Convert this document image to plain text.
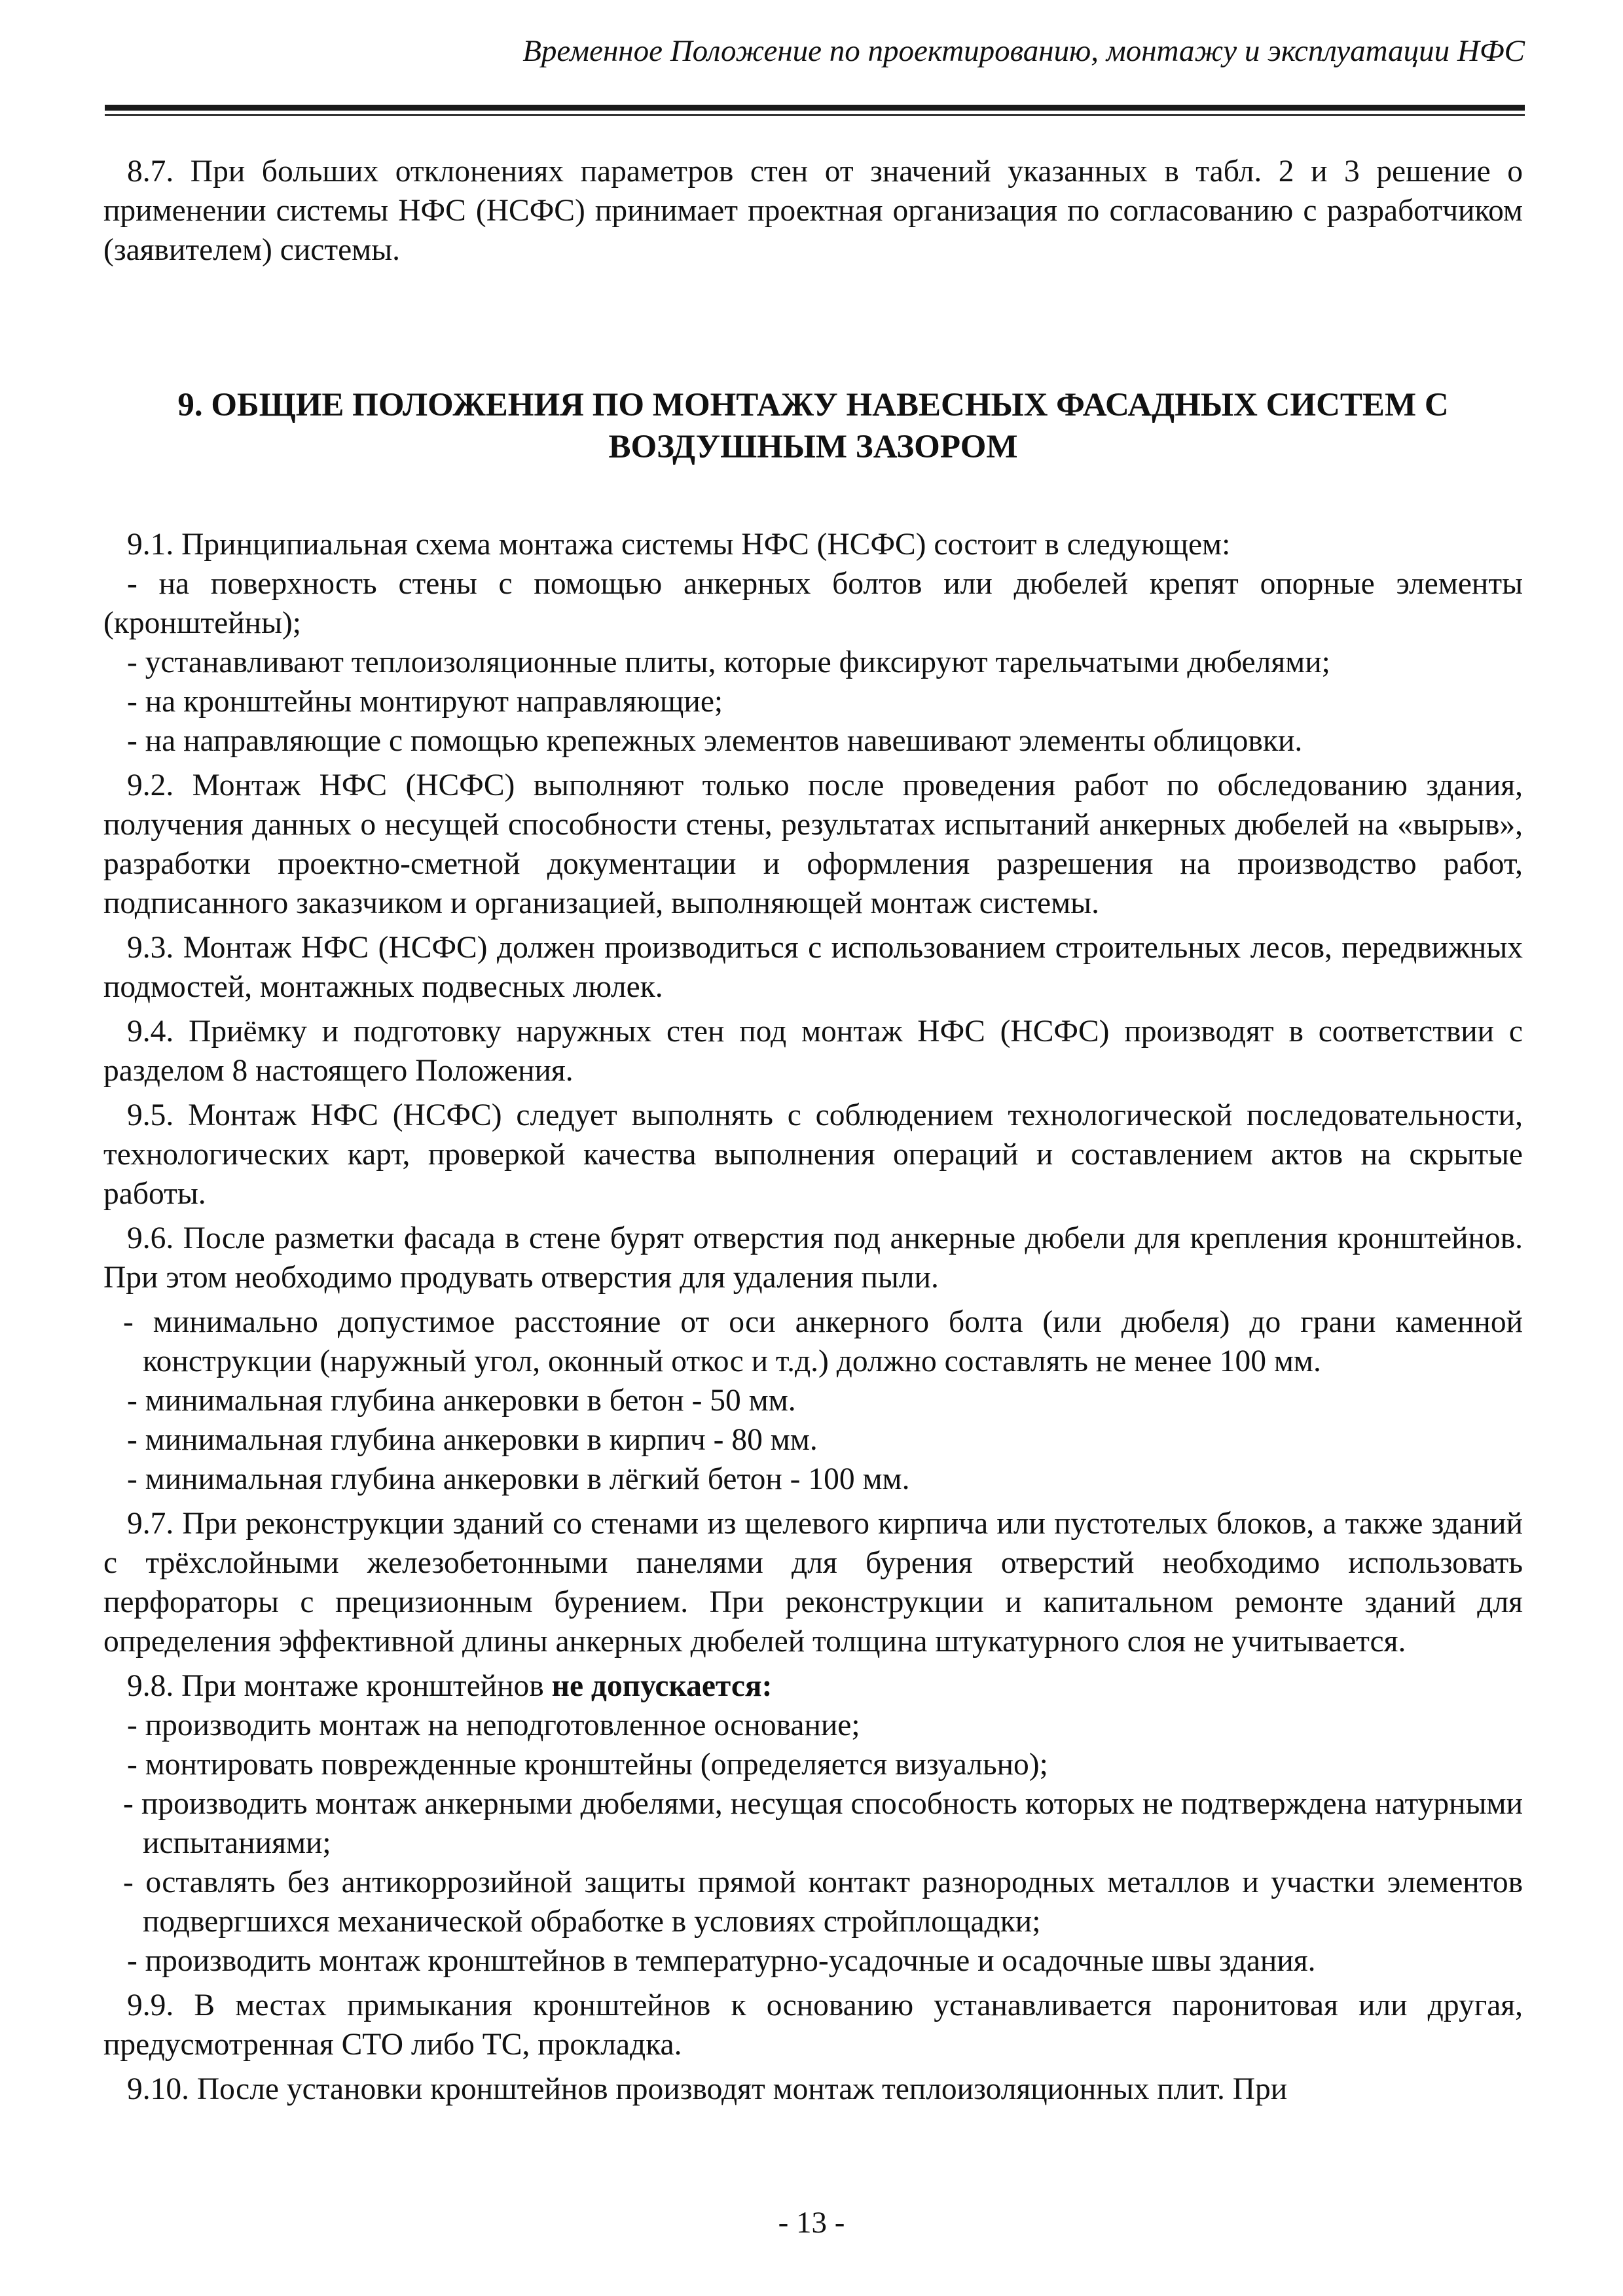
Временное Положение по проектированию, монтажу и эксплуатации НФС

8.7. При больших отклонениях параметров стен от значений указанных в табл. 2 и 3 решение о применении системы НФС (НСФС) принимает проектная организация по согласованию с разработчиком (заявителем) системы.

9. ОБЩИЕ ПОЛОЖЕНИЯ ПО МОНТАЖУ НАВЕСНЫХ ФАСАДНЫХ СИСТЕМ С ВОЗДУШНЫМ ЗАЗОРОМ

9.1. Принципиальная схема монтажа системы НФС (НСФС) состоит в следующем:

- на поверхность стены с помощью анкерных болтов или дюбелей крепят опорные элементы (кронштейны);

- устанавливают теплоизоляционные плиты, которые фиксируют тарельчатыми дюбелями;

- на кронштейны монтируют направляющие;

- на направляющие с помощью крепежных элементов навешивают элементы облицовки.

9.2. Монтаж НФС (НСФС) выполняют только после проведения работ по обследованию здания, получения данных о несущей способности стены, результатах испытаний анкерных дюбелей на «вырыв», разработки проектно-сметной документации и оформления разрешения на производство работ, подписанного заказчиком и организацией, выполняющей монтаж системы.

9.3. Монтаж НФС (НСФС) должен производиться с использованием строительных лесов, передвижных подмостей, монтажных подвесных люлек.

9.4. Приёмку и подготовку наружных стен под монтаж НФС (НСФС) производят в соответствии с разделом 8 настоящего Положения.

9.5. Монтаж НФС (НСФС) следует выполнять с соблюдением технологической последовательности, технологических карт, проверкой качества выполнения операций и составлением актов на скрытые работы.

9.6. После разметки фасада в стене бурят отверстия под анкерные дюбели для крепления кронштейнов. При этом необходимо продувать отверстия для удаления пыли.

- минимально допустимое расстояние от оси анкерного болта (или дюбеля) до грани каменной конструкции (наружный угол, оконный откос и т.д.) должно составлять не менее 100 мм.

- минимальная глубина анкеровки в бетон - 50 мм.

- минимальная глубина анкеровки в кирпич - 80 мм.

- минимальная глубина анкеровки в лёгкий бетон - 100 мм.

9.7. При реконструкции зданий со стенами из щелевого кирпича или пустотелых блоков, а также зданий с трёхслойными железобетонными панелями для бурения отверстий необходимо использовать перфораторы с прецизионным бурением. При реконструкции и капитальном ремонте зданий для определения эффективной длины анкерных дюбелей толщина штукатурного слоя не учитывается.

9.8. При монтаже кронштейнов не допускается:

- производить монтаж на неподготовленное основание;

- монтировать поврежденные кронштейны (определяется визуально);

- производить монтаж анкерными дюбелями, несущая способность которых не подтверждена натурными испытаниями;

- оставлять без антикоррозийной защиты прямой контакт разнородных металлов и участки элементов подвергшихся механической обработке в условиях стройплощадки;

- производить монтаж кронштейнов в температурно-усадочные и осадочные швы здания.

9.9. В местах примыкания кронштейнов к основанию устанавливается паронитовая или другая, предусмотренная СТО либо ТС, прокладка.

9.10. После установки кронштейнов производят монтаж теплоизоляционных плит. При

- 13 -
